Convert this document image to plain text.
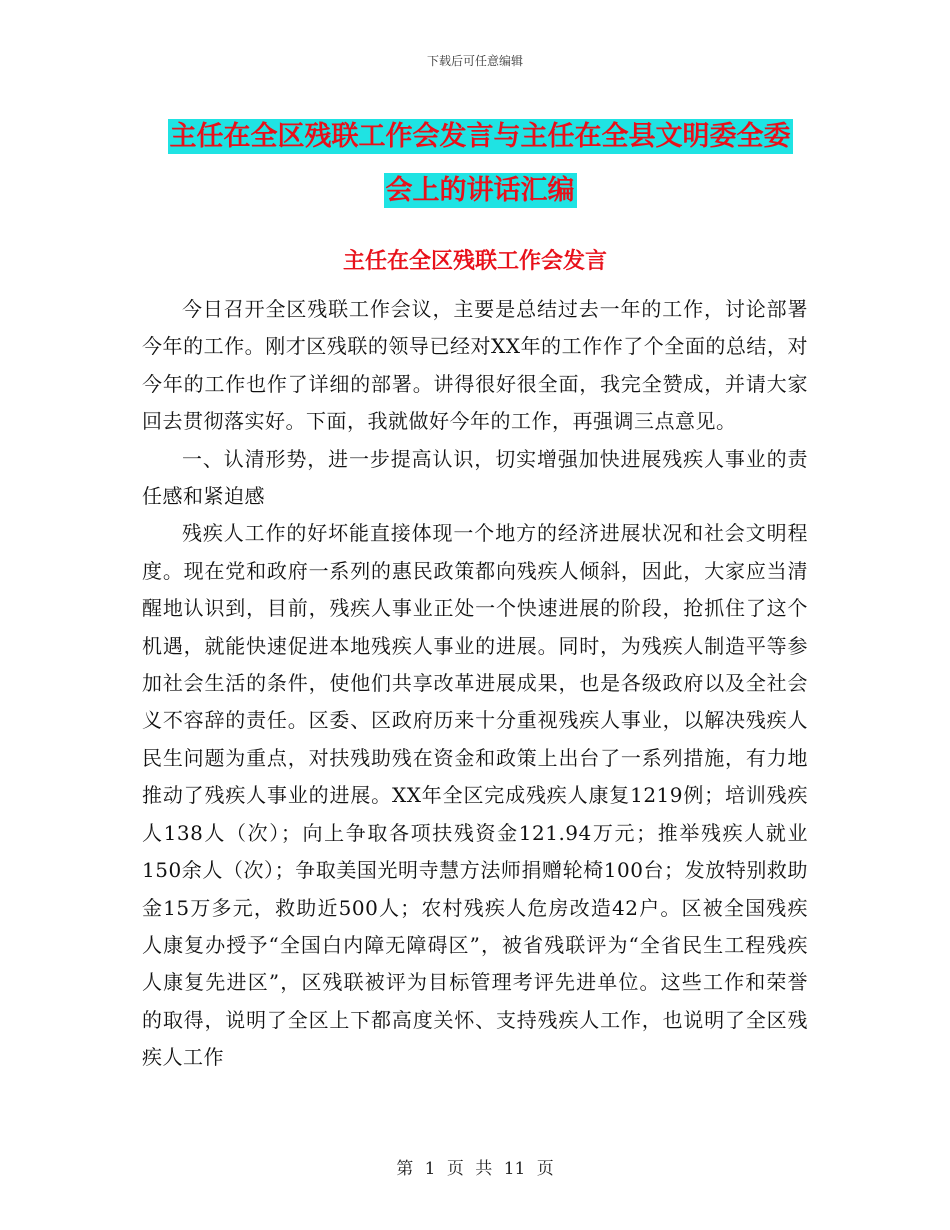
下载后可任意编辑
主任在全区残联工作会发言与主任在全县文明委全委
会上的讲话汇编
主任在全区残联工作会发言

今日召开全区残联工作会议，主要是总结过去一年的工作，讨论部署今年的工作。刚才区残联的领导已经对XX年的工作作了个全面的总结，对今年的工作也作了详细的部署。讲得很好很全面，我完全赞成，并请大家回去贯彻落实好。下面，我就做好今年的工作，再强调三点意见。

一、认清形势，进一步提高认识，切实增强加快进展残疾人事业的责任感和紧迫感

残疾人工作的好坏能直接体现一个地方的经济进展状况和社会文明程度。现在党和政府一系列的惠民政策都向残疾人倾斜，因此，大家应当清醒地认识到，目前，残疾人事业正处一个快速进展的阶段，抢抓住了这个机遇，就能快速促进本地残疾人事业的进展。同时，为残疾人制造平等参加社会生活的条件，使他们共享改革进展成果，也是各级政府以及全社会义不容辞的责任。区委、区政府历来十分重视残疾人事业，以解决残疾人民生问题为重点，对扶残助残在资金和政策上出台了一系列措施，有力地推动了残疾人事业的进展。XX年全区完成残疾人康复1219例；培训残疾人138人（次）；向上争取各项扶残资金121.94万元；推举残疾人就业150余人（次）；争取美国光明寺慧方法师捐赠轮椅100台；发放特别救助金15万多元，救助近500人；农村残疾人危房改造42户。区被全国残疾人康复办授予“全国白内障无障碍区”，被省残联评为“全省民生工程残疾人康复先进区”，区残联被评为目标管理考评先进单位。这些工作和荣誉的取得，说明了全区上下都高度关怀、支持残疾人工作，也说明了全区残疾人工作

第 1 页 共 11 页
